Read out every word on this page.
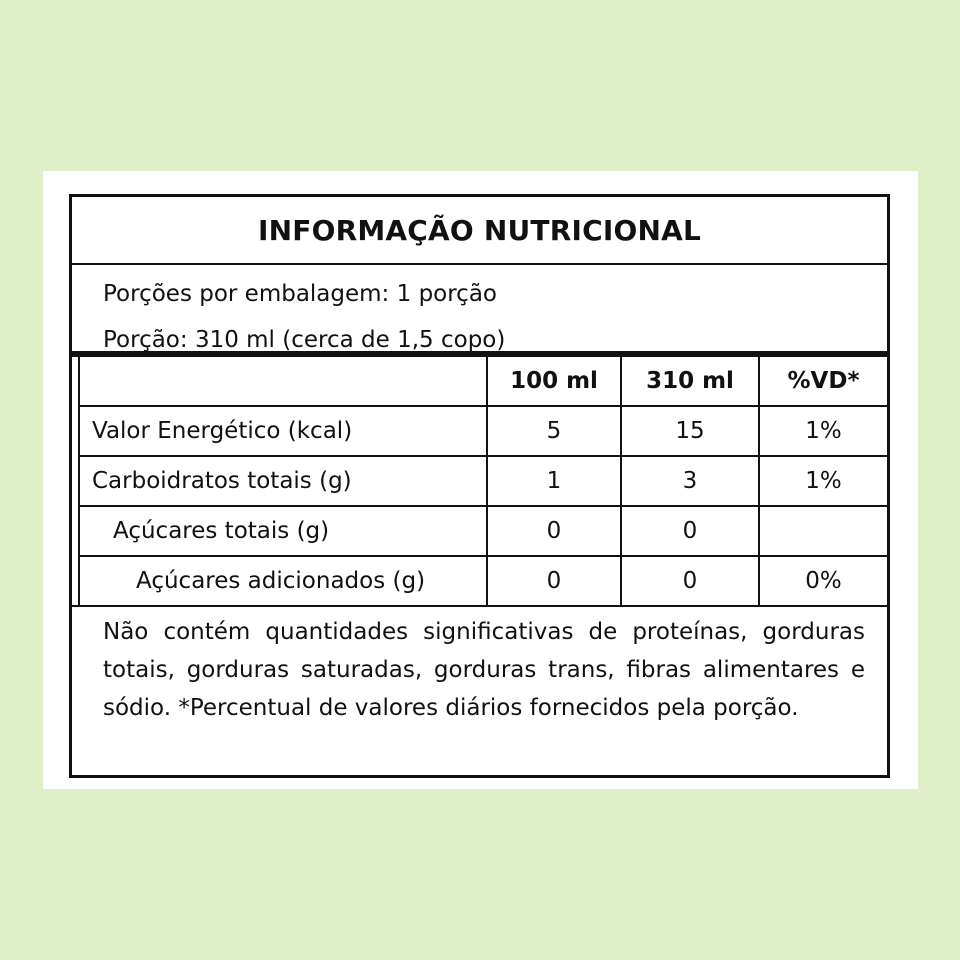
INFORMAÇÃO NUTRICIONAL
Porções por embalagem: 1 porção
Porção: 310 ml (cerca de 1,5 copo)
	100 ml	310 ml	%VD*
Valor Energético (kcal)	5	15	1%
Carboidratos totais (g)	1	3	1%
Açúcares totais (g)	0	0	
Açúcares adicionados (g)	0	0	0%
Não contém quantidades significativas de proteínas, gorduras totais, gorduras saturadas, gorduras trans, fibras alimentares e sódio. *Percentual de valores diários fornecidos pela porção.
